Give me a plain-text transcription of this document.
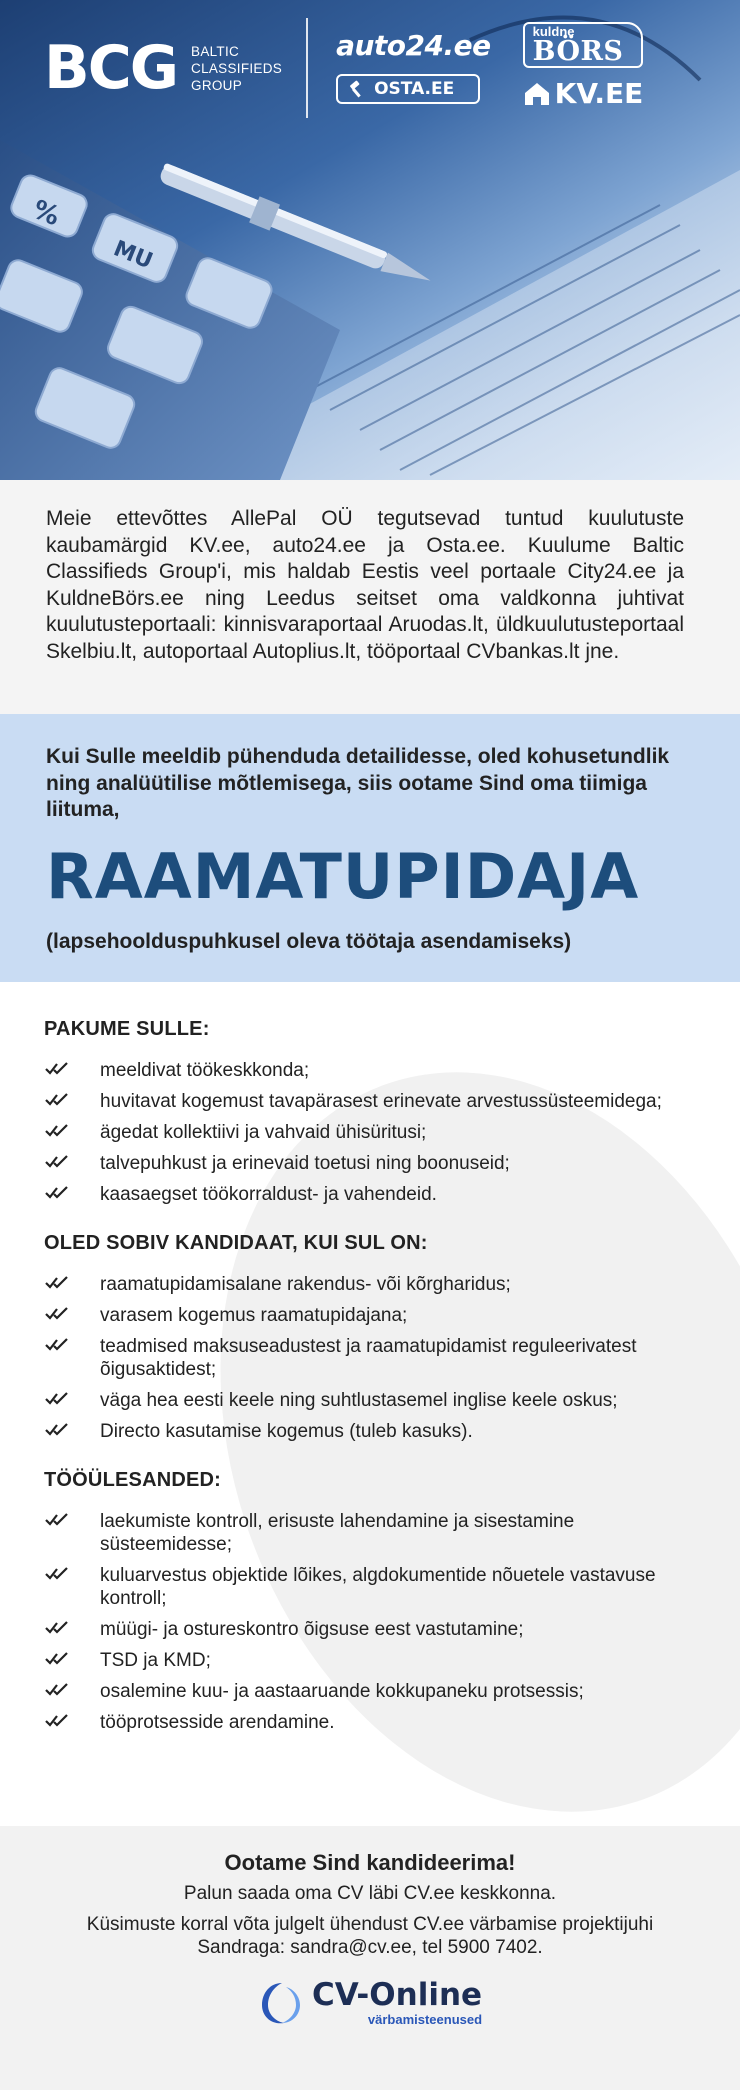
%
MU
BCG BALTIC
CLASSIFIEDS
GROUP
auto24.ee
OSTA.EE
kuldne
BÖRS
KV.EE

Meie ettevõttes AllePal OÜ tegutsevad tuntud kuulutuste kaubamärgid KV.ee, auto24.ee ja Osta.ee. Kuulume Baltic Classifieds Group'i, mis haldab Eestis veel portaale City24.ee ja KuldneBörs.ee ning Leedus seitset oma valdkonna juhtivat kuulutusteportaali: kinnisvaraportaal Aruodas.lt, üldkuulutusteportaal Skelbiu.lt, autoportaal Autoplius.lt, tööportaal CVbankas.lt jne.

Kui Sulle meeldib pühenduda detailidesse, oled kohusetundlik ning analüütilise mõtlemisega, siis ootame Sind oma tiimiga liituma,
RAAMATUPIDAJA
(lapsehoolduspuhkusel oleva töötaja asendamiseks)
PAKUME SULLE:
meeldivat töökeskkonda;
huvitavat kogemust tavapärasest erinevate arvestussüsteemidega;
ägedat kollektiivi ja vahvaid ühisüritusi;
talvepuhkust ja erinevaid toetusi ning boonuseid;
kaasaegset töökorraldust- ja vahendeid.
OLED SOBIV KANDIDAAT, KUI SUL ON:
raamatupidamisalane rakendus- või kõrgharidus;
varasem kogemus raamatupidajana;
teadmised maksuseadustest ja raamatupidamist reguleerivatest õigusaktidest;
väga hea eesti keele ning suhtlustasemel inglise keele oskus;
Directo kasutamise kogemus (tuleb kasuks).
TÖÖÜLESANDED:
laekumiste kontroll, erisuste lahendamine ja sisestamine süsteemidesse;
kuluarvestus objektide lõikes, algdokumentide nõuetele vastavuse kontroll;
müügi- ja ostureskontro õigsuse eest vastutamine;
TSD ja KMD;
osalemine kuu- ja aastaaruande kokkupaneku protsessis;
tööprotsesside arendamine.
Ootame Sind kandideerima!
Palun saada oma CV läbi CV.ee keskkonna.
Küsimuste korral võta julgelt ühendust CV.ee värbamise projektijuhi Sandraga: sandra@cv.ee, tel 5900 7402.
CV-Online
värbamisteenused
